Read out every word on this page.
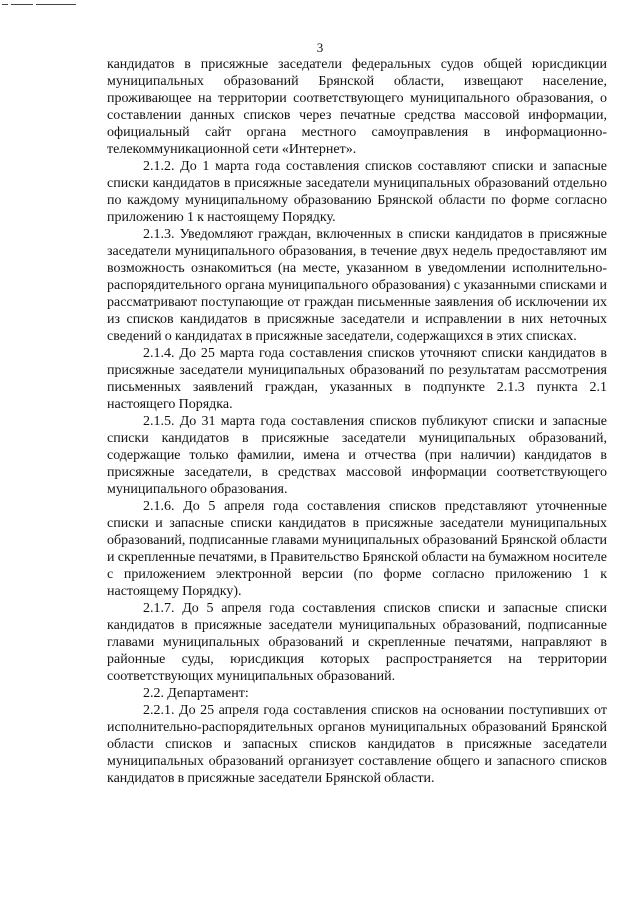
3

кандидатов в присяжные заседатели федеральных судов общей юрисдикции муниципальных образований Брянской области, извещают население, проживающее на территории соответствующего муниципального образования, о составлении данных списков через печатные средства массовой информации, официальный сайт органа местного самоуправления в информационно-телекоммуникационной сети «Интернет».

2.1.2. До 1 марта года составления списков составляют списки и запасные списки кандидатов в присяжные заседатели муниципальных образований отдельно по каждому муниципальному образованию Брянской области по форме согласно приложению 1 к настоящему Порядку.

2.1.3. Уведомляют граждан, включенных в списки кандидатов в присяжные заседатели муниципального образования, в течение двух недель предоставляют им возможность ознакомиться (на месте, указанном в уведомлении исполнительно-распорядительного органа муниципального образования) с указанными списками и рассматривают поступающие от граждан письменные заявления об исключении их из списков кандидатов в присяжные заседатели и исправлении в них неточных сведений о кандидатах в присяжные заседатели, содержащихся в этих списках.

2.1.4. До 25 марта года составления списков уточняют списки кандидатов в присяжные заседатели муниципальных образований по результатам рассмотрения письменных заявлений граждан, указанных в подпункте 2.1.3 пункта 2.1 настоящего Порядка.

2.1.5. До 31 марта года составления списков публикуют списки и запасные списки кандидатов в присяжные заседатели муниципальных образований, содержащие только фамилии, имена и отчества (при наличии) кандидатов в присяжные заседатели, в средствах массовой информации соответствующего муниципального образования.

2.1.6. До 5 апреля года составления списков представляют уточненные списки и запасные списки кандидатов в присяжные заседатели муниципальных образований, подписанные главами муниципальных образований Брянской области и скрепленные печатями, в Правительство Брянской области на бумажном носителе с приложением электронной версии (по форме согласно приложению 1 к настоящему Порядку).

2.1.7. До 5 апреля года составления списков списки и запасные списки кандидатов в присяжные заседатели муниципальных образований, подписанные главами муниципальных образований и скрепленные печатями, направляют в районные суды, юрисдикция которых распространяется на территории соответствующих муниципальных образований.

2.2. Департамент:

2.2.1. До 25 апреля года составления списков на основании поступивших от исполнительно-распорядительных органов муниципальных образований Брянской области списков и запасных списков кандидатов в присяжные заседатели муниципальных образований организует составление общего и запасного списков кандидатов в присяжные заседатели Брянской области.
